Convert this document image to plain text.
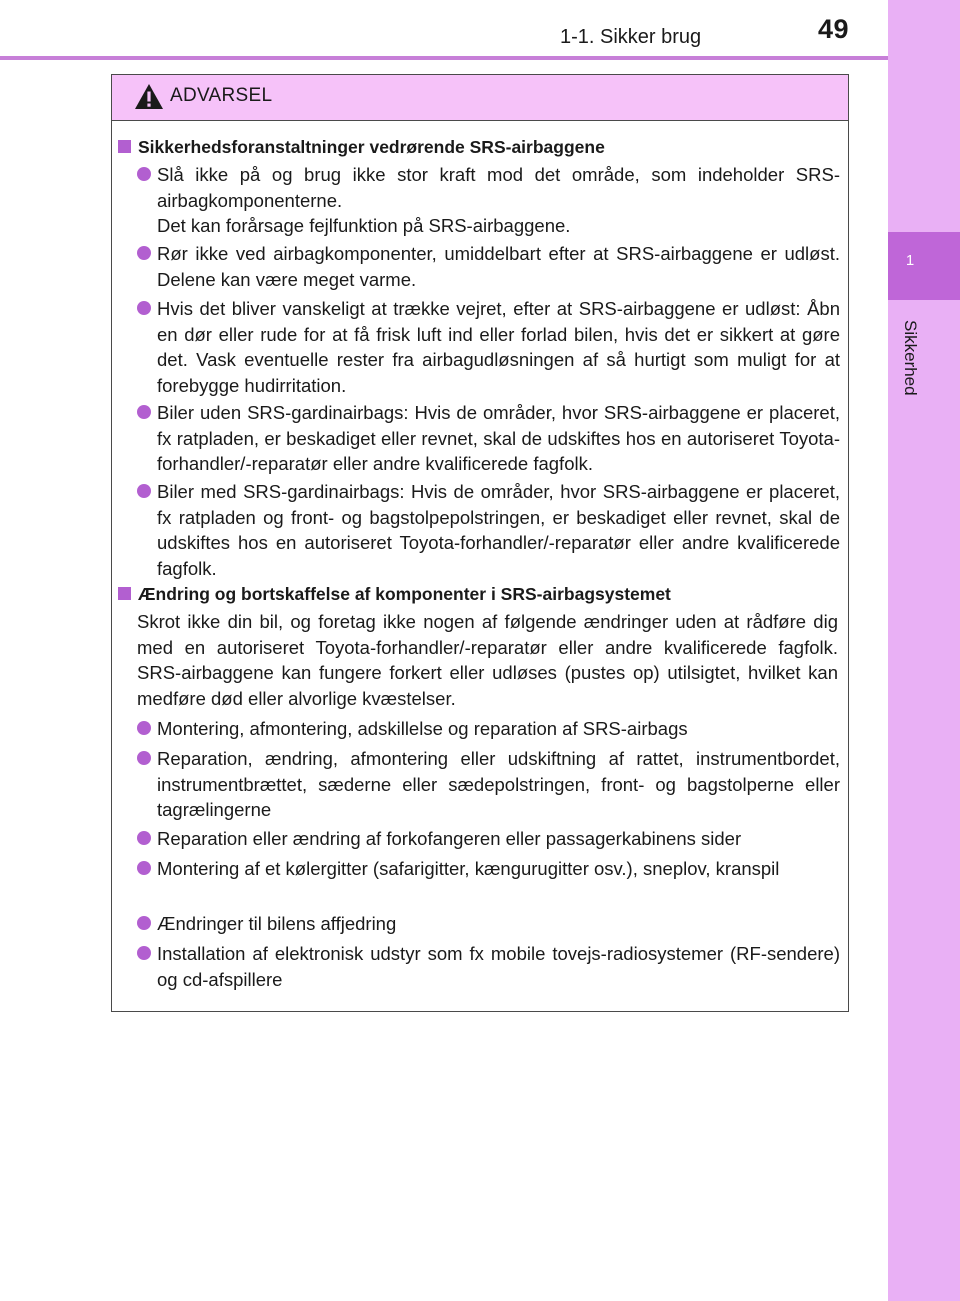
1-1. Sikker brug	49
1
Sikkerhed
ADVARSEL
Sikkerhedsforanstaltninger vedrørende SRS-airbaggene
Slå ikke på og brug ikke stor kraft mod det område, som indeholder SRS-airbagkomponenterne.
Det kan forårsage fejlfunktion på SRS-airbaggene.
Rør ikke ved airbagkomponenter, umiddelbart efter at SRS-airbaggene er udløst. Delene kan være meget varme.
Hvis det bliver vanskeligt at trække vejret, efter at SRS-airbaggene er udløst: Åbn en dør eller rude for at få frisk luft ind eller forlad bilen, hvis det er sikkert at gøre det. Vask eventuelle rester fra airbagudløsningen af så hurtigt som muligt for at forebygge hudirritation.
Biler uden SRS-gardinairbags: Hvis de områder, hvor SRS-airbaggene er placeret, fx ratpladen, er beskadiget eller revnet, skal de udskiftes hos en autoriseret Toyota-forhandler/-reparatør eller andre kvalificerede fagfolk.
Biler med SRS-gardinairbags: Hvis de områder, hvor SRS-airbaggene er placeret, fx ratpladen og front- og bagstolpepolstringen, er beskadiget eller revnet, skal de udskiftes hos en autoriseret Toyota-forhandler/-reparatør eller andre kvalificerede fagfolk.
Ændring og bortskaffelse af komponenter i SRS-airbagsystemet
Skrot ikke din bil, og foretag ikke nogen af følgende ændringer uden at rådføre dig med en autoriseret Toyota-forhandler/-reparatør eller andre kvalificerede fagfolk. SRS-airbaggene kan fungere forkert eller udløses (pustes op) utilsigtet, hvilket kan medføre død eller alvorlige kvæstelser.
Montering, afmontering, adskillelse og reparation af SRS-airbags
Reparation, ændring, afmontering eller udskiftning af rattet, instrumentbordet, instrumentbrættet, sæderne eller sædepolstringen, front- og bagstolperne eller tagrælingerne
Reparation eller ændring af forkofangeren eller passagerkabinens sider
Montering af et kølergitter (safarigitter, kængurugitter osv.), sneplov, kranspil
Ændringer til bilens affjedring
Installation af elektronisk udstyr som fx mobile tovejs-radiosystemer (RF-sendere) og cd-afspillere
